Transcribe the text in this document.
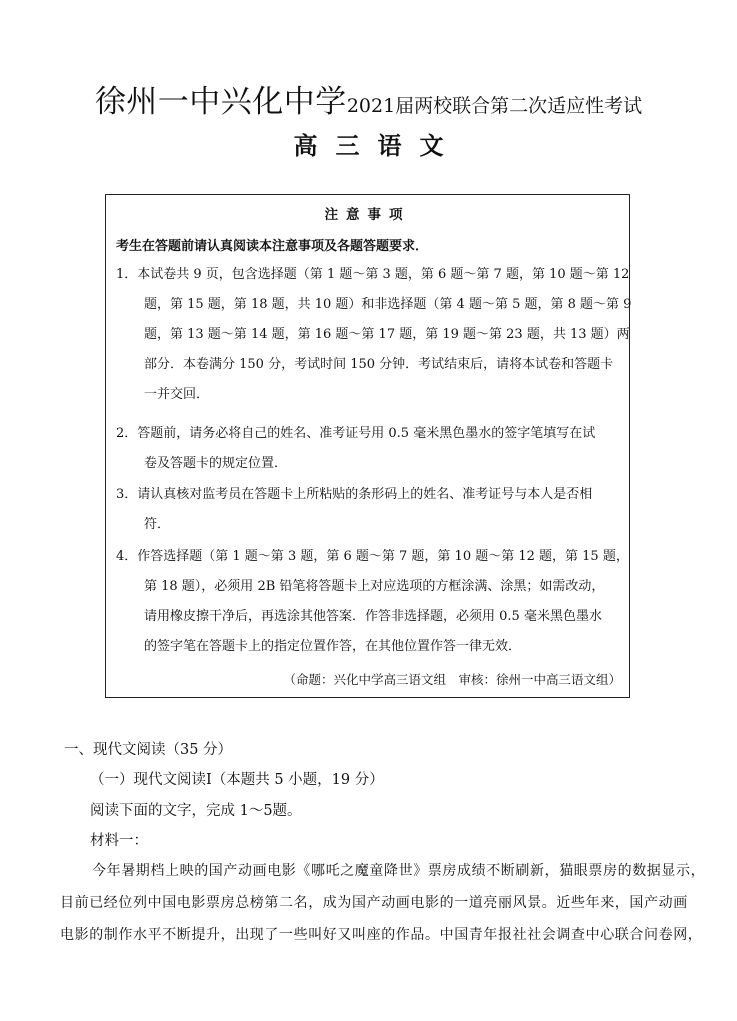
徐州一中兴化中学2021届两校联合第二次适应性考试
高三语文
注意事项
考生在答题前请认真阅读本注意事项及各题答题要求．
1．本试卷共 9 页，包含选择题（第 1 题～第 3 题，第 6 题～第 7 题，第 10 题～第 12
题，第 15 题，第 18 题，共 10 题）和非选择题（第 4 题～第 5 题，第 8 题～第 9
题，第 13 题～第 14 题，第 16 题～第 17 题，第 19 题～第 23 题，共 13 题）两
部分．本卷满分 150 分，考试时间 150 分钟．考试结束后，请将本试卷和答题卡
一并交回．
2．答题前，请务必将自己的姓名、准考证号用 0.5 毫米黑色墨水的签字笔填写在试
卷及答题卡的规定位置．
3．请认真核对监考员在答题卡上所粘贴的条形码上的姓名、准考证号与本人是否相
符．
4．作答选择题（第 1 题～第 3 题，第 6 题～第 7 题，第 10 题～第 12 题，第 15 题，
第 18 题），必须用 2B 铅笔将答题卡上对应选项的方框涂满、涂黑；如需改动，
请用橡皮擦干净后，再选涂其他答案．作答非选择题，必须用 0.5 毫米黑色墨水
的签字笔在答题卡上的指定位置作答，在其他位置作答一律无效．
（命题：兴化中学高三语文组　审核：徐州一中高三语文组）
一、现代文阅读（35 分）
（一）现代文阅读Ⅰ（本题共 5 小题，19 分）
阅读下面的文字，完成 1～5题。
材料一：
今年暑期档上映的国产动画电影《哪吒之魔童降世》票房成绩不断刷新，猫眼票房的数据显示，
目前已经位列中国电影票房总榜第二名，成为国产动画电影的一道亮丽风景。近些年来，国产动画
电影的制作水平不断提升，出现了一些叫好又叫座的作品。中国青年报社社会调查中心联合问卷网，
